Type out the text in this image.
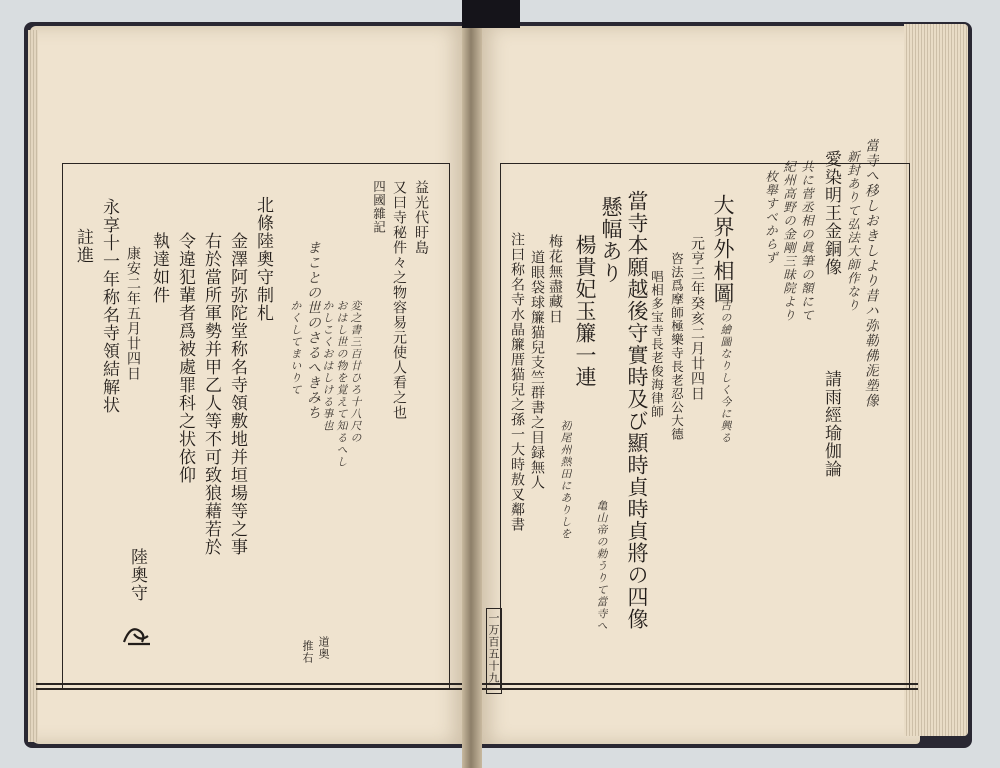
益光代盱島
又曰寺秘件々之物容易元使人看之也
四國雜記
変之書三百廿ひろ十八尺の
おはし世の物を覚えて知るへし
かしこくおはしける事也
まことの世のさるへきみち
かくしてまいりて
北條陸奧守制札
金澤阿弥陀堂称名寺領敷地并垣場等之事
右於當所軍勢并甲乙人等不可致狼藉若於
令違犯輩者爲被處罪科之状依仰
執達如件
康安二年五月廿四日
永享十一年称名寺領結解状
註進
陸奧守
道奥
推右
當寺へ移しおきしより昔ハ弥勒佛泥塑像
新封ありて弘法大師作なり
愛染明王金銅像
共に菅丞相の眞筆の額にて
紀州高野の金剛三昧院より
枚舉すべからず
請雨經瑜伽論
大界外相圖
元亨三年癸亥二月廿四日
咨法爲摩師極樂寺長老忍公大德
唱相多宝寺長老俊海律師
當寺本願越後守實時及び顯時貞時貞將の四像
懸幅あり
楊貴妃玉簾一連
梅花無盡藏日
道眼袋球簾猫兒支竺群書之目録無人
注曰称名寺水晶簾厝猫兒之孫一大時敖叉鄰書
亀山帝の勅うりて當寺へ
初尾州熱田にありしを
古の繪圖なりしく今に興る
一万百五十九
